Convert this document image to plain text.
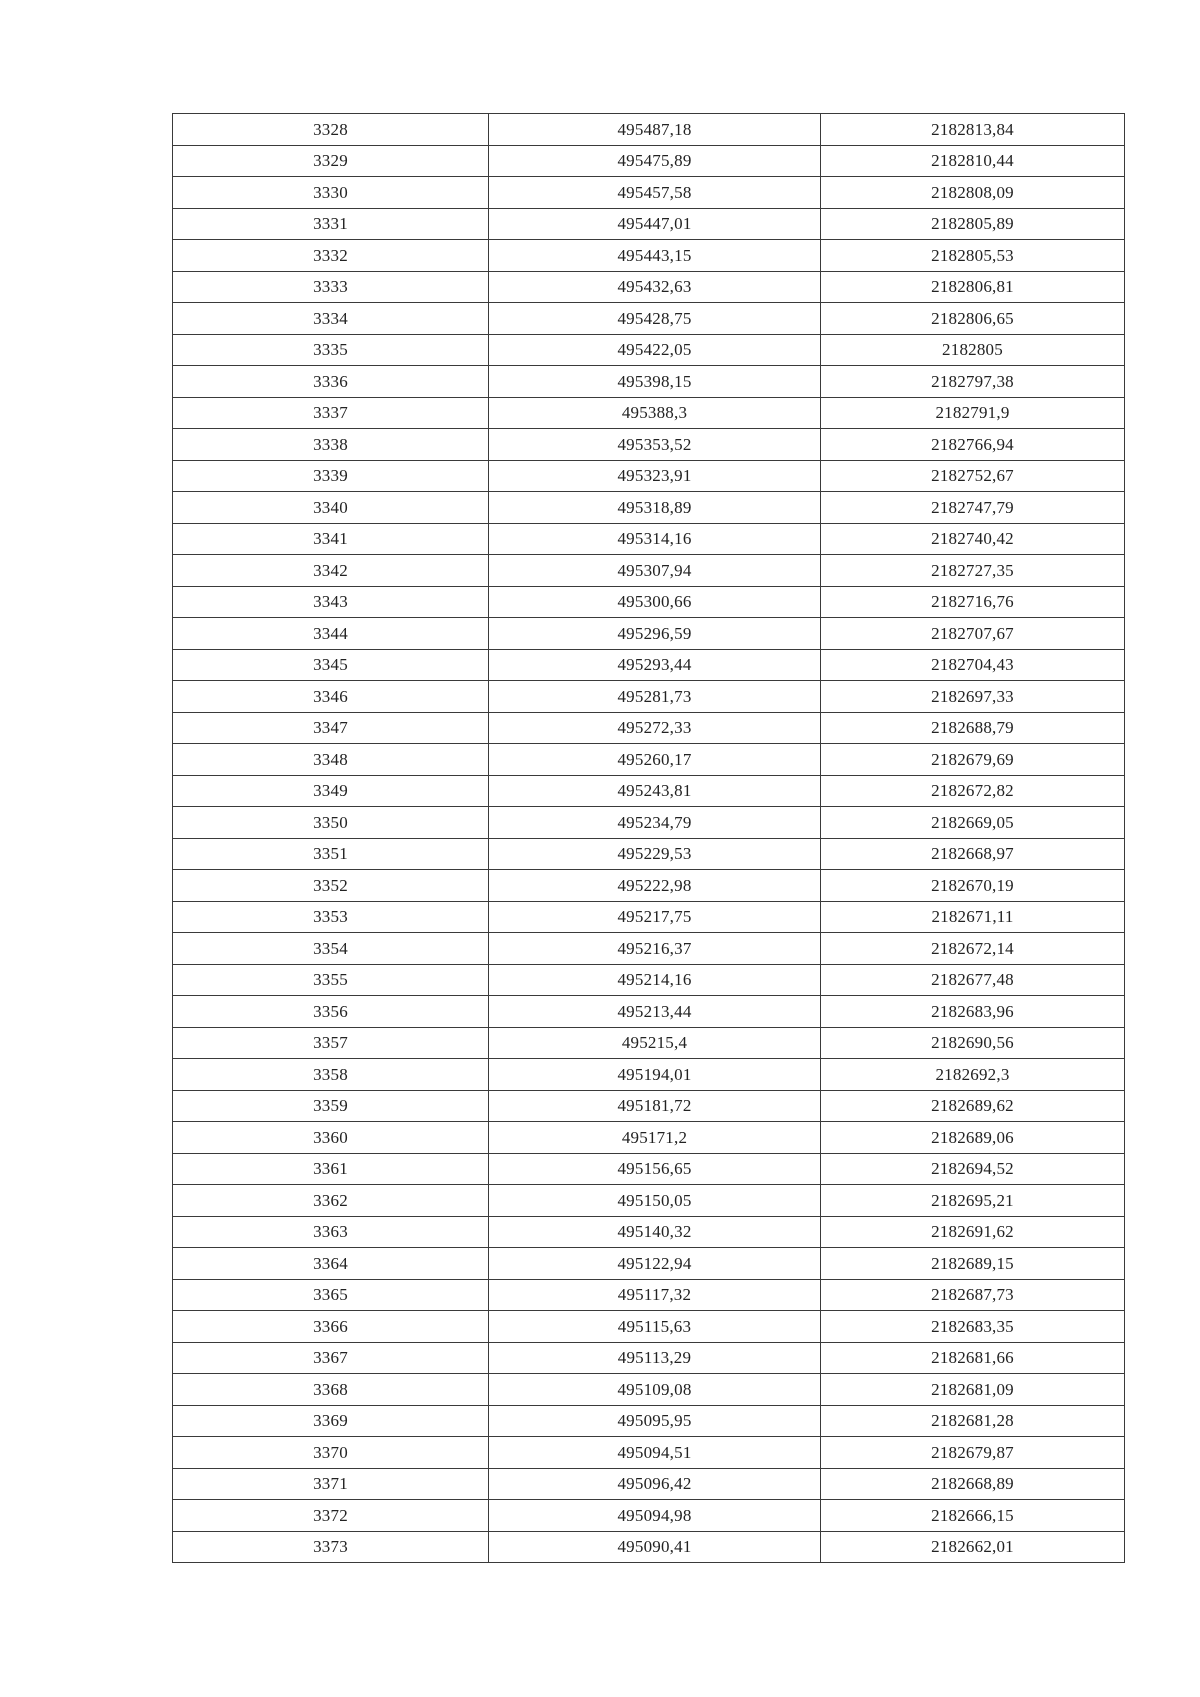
3328	495487,18	2182813,84
3329	495475,89	2182810,44
3330	495457,58	2182808,09
3331	495447,01	2182805,89
3332	495443,15	2182805,53
3333	495432,63	2182806,81
3334	495428,75	2182806,65
3335	495422,05	2182805
3336	495398,15	2182797,38
3337	495388,3	2182791,9
3338	495353,52	2182766,94
3339	495323,91	2182752,67
3340	495318,89	2182747,79
3341	495314,16	2182740,42
3342	495307,94	2182727,35
3343	495300,66	2182716,76
3344	495296,59	2182707,67
3345	495293,44	2182704,43
3346	495281,73	2182697,33
3347	495272,33	2182688,79
3348	495260,17	2182679,69
3349	495243,81	2182672,82
3350	495234,79	2182669,05
3351	495229,53	2182668,97
3352	495222,98	2182670,19
3353	495217,75	2182671,11
3354	495216,37	2182672,14
3355	495214,16	2182677,48
3356	495213,44	2182683,96
3357	495215,4	2182690,56
3358	495194,01	2182692,3
3359	495181,72	2182689,62
3360	495171,2	2182689,06
3361	495156,65	2182694,52
3362	495150,05	2182695,21
3363	495140,32	2182691,62
3364	495122,94	2182689,15
3365	495117,32	2182687,73
3366	495115,63	2182683,35
3367	495113,29	2182681,66
3368	495109,08	2182681,09
3369	495095,95	2182681,28
3370	495094,51	2182679,87
3371	495096,42	2182668,89
3372	495094,98	2182666,15
3373	495090,41	2182662,01
